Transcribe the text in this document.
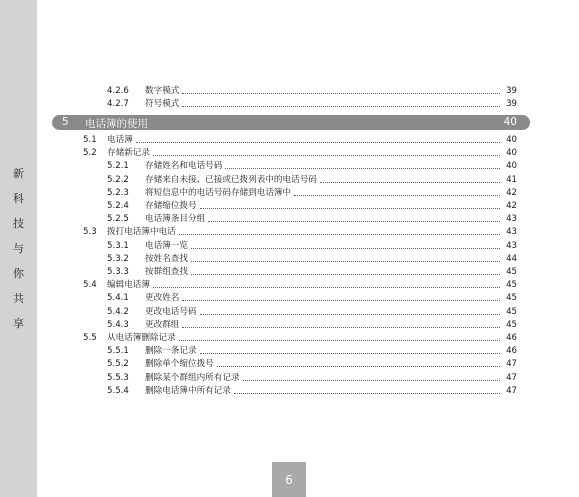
新
科
技
与
你
共
享
5 电话簿的使用	40
4.2.6	数字模式	39
4.2.7	符号模式	39
5.1	电话簿	40
5.2	存储新记录	40
5.2.1	存储姓名和电话号码	40
5.2.2	存储来自未接、已接或已拨列表中的电话号码	41
5.2.3	将短信息中的电话号码存储到电话簿中	42
5.2.4	存储缩位拨号	42
5.2.5	电话簿条目分组	43
5.3	拨打电话簿中电话	43
5.3.1	电话簿一览	43
5.3.2	按姓名查找	44
5.3.3	按群组查找	45
5.4	编辑电话簿	45
5.4.1	更改姓名	45
5.4.2	更改电话号码	45
5.4.3	更改群组	45
5.5	从电话簿删除记录	46
5.5.1	删除一条记录	46
5.5.2	删除单个缩位拨号	47
5.5.3	删除某个群组内所有记录	47
5.5.4	删除电话簿中所有记录	47
6
